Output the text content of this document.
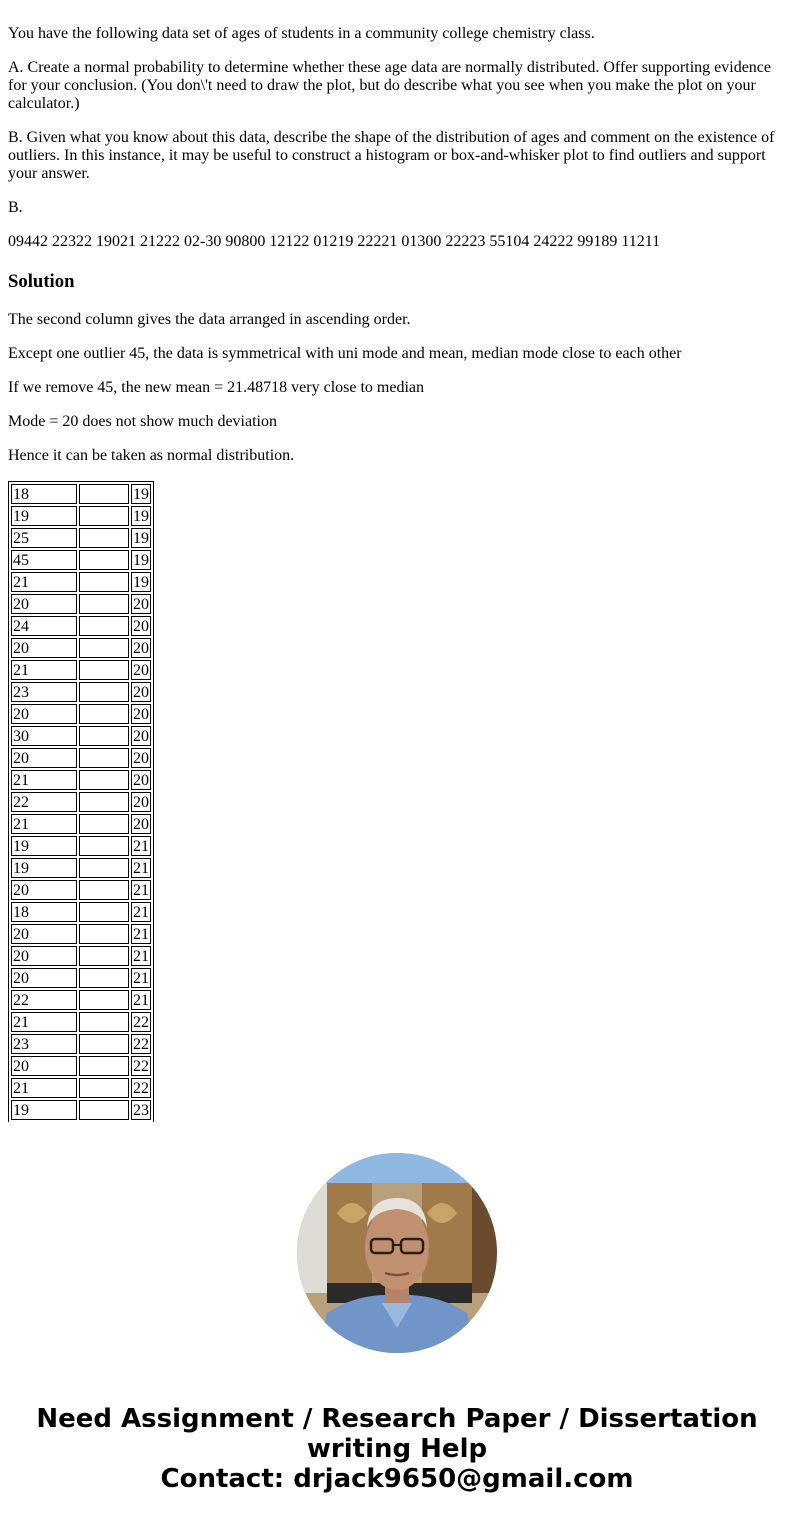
You have the following data set of ages of students in a community college chemistry class.

A. Create a normal probability to determine whether these age data are normally distributed. Offer supporting evidence for your conclusion. (You don\'t need to draw the plot, but do describe what you see when you make the plot on your calculator.)

B. Given what you know about this data, describe the shape of the distribution of ages and comment on the existence of outliers. In this instance, it may be useful to construct a histogram or box-and-whisker plot to find outliers and support your answer.

B.

09442 22322 19021 21222 02-30 90800 12122 01219 22221 01300 22223 55104 24222 99189 11211

Solution

The second column gives the data arranged in ascending order.

Except one outlier 45, the data is symmetrical with uni mode and mean, median mode close to each other

If we remove 45, the new mean = 21.48718 very close to median

Mode = 20 does not show much deviation

Hence it can be taken as normal distribution.

18		19
19		19
25		19
45		19
21		19
20		20
24		20
20		20
21		20
23		20
20		20
30		20
20		20
21		20
22		20
21		20
19		21
19		21
20		21
18		21
20		21
20		21
20		21
22		21
21		22
23		22
20		22
21		22
19		23

Need Assignment / Research Paper / Dissertation
writing Help
Contact: drjack9650@gmail.com
